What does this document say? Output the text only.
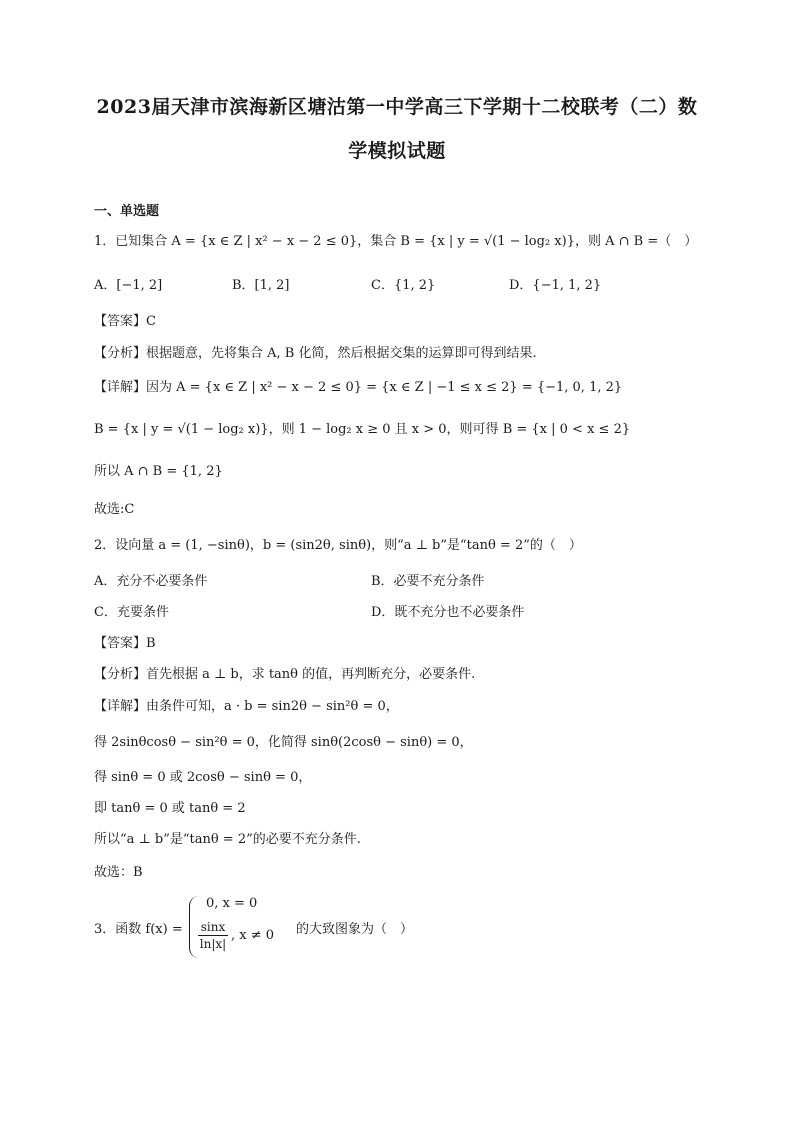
2023届天津市滨海新区塘沽第一中学高三下学期十二校联考（二）数
学模拟试题
一、单选题
1．已知集合 A = {x ∈ Z | x² − x − 2 ≤ 0}，集合 B = {x | y = √(1 − log₂ x)}，则 A ∩ B =（　）
A．[−1, 2]	B．[1, 2]	C．{1, 2}	D．{−1, 1, 2}
【答案】C
【分析】根据题意，先将集合 A, B 化简，然后根据交集的运算即可得到结果.
【详解】因为 A = {x ∈ Z | x² − x − 2 ≤ 0} = {x ∈ Z | −1 ≤ x ≤ 2} = {−1, 0, 1, 2}
B = {x | y = √(1 − log₂ x)}，则 1 − log₂ x ≥ 0 且 x > 0，则可得 B = {x | 0 < x ≤ 2}
所以 A ∩ B = {1, 2}
故选:C
2．设向量 a = (1, −sinθ)，b = (sin2θ, sinθ)，则“a ⊥ b”是“tanθ = 2”的（　）
A．充分不必要条件	B．必要不充分条件
C．充要条件	D．既不充分也不必要条件
【答案】B
【分析】首先根据 a ⊥ b，求 tanθ 的值，再判断充分，必要条件.
【详解】由条件可知，a · b = sin2θ − sin²θ = 0，
得 2sinθcosθ − sin²θ = 0，化简得 sinθ(2cosθ − sinθ) = 0，
得 sinθ = 0 或 2cosθ − sinθ = 0，
即 tanθ = 0 或 tanθ = 2
所以“a ⊥ b”是“tanθ = 2”的必要不充分条件.
故选：B
3．函数 f(x) =
0, x = 0
sinx
ln|x|
, x ≠ 0 的大致图象为（　）
